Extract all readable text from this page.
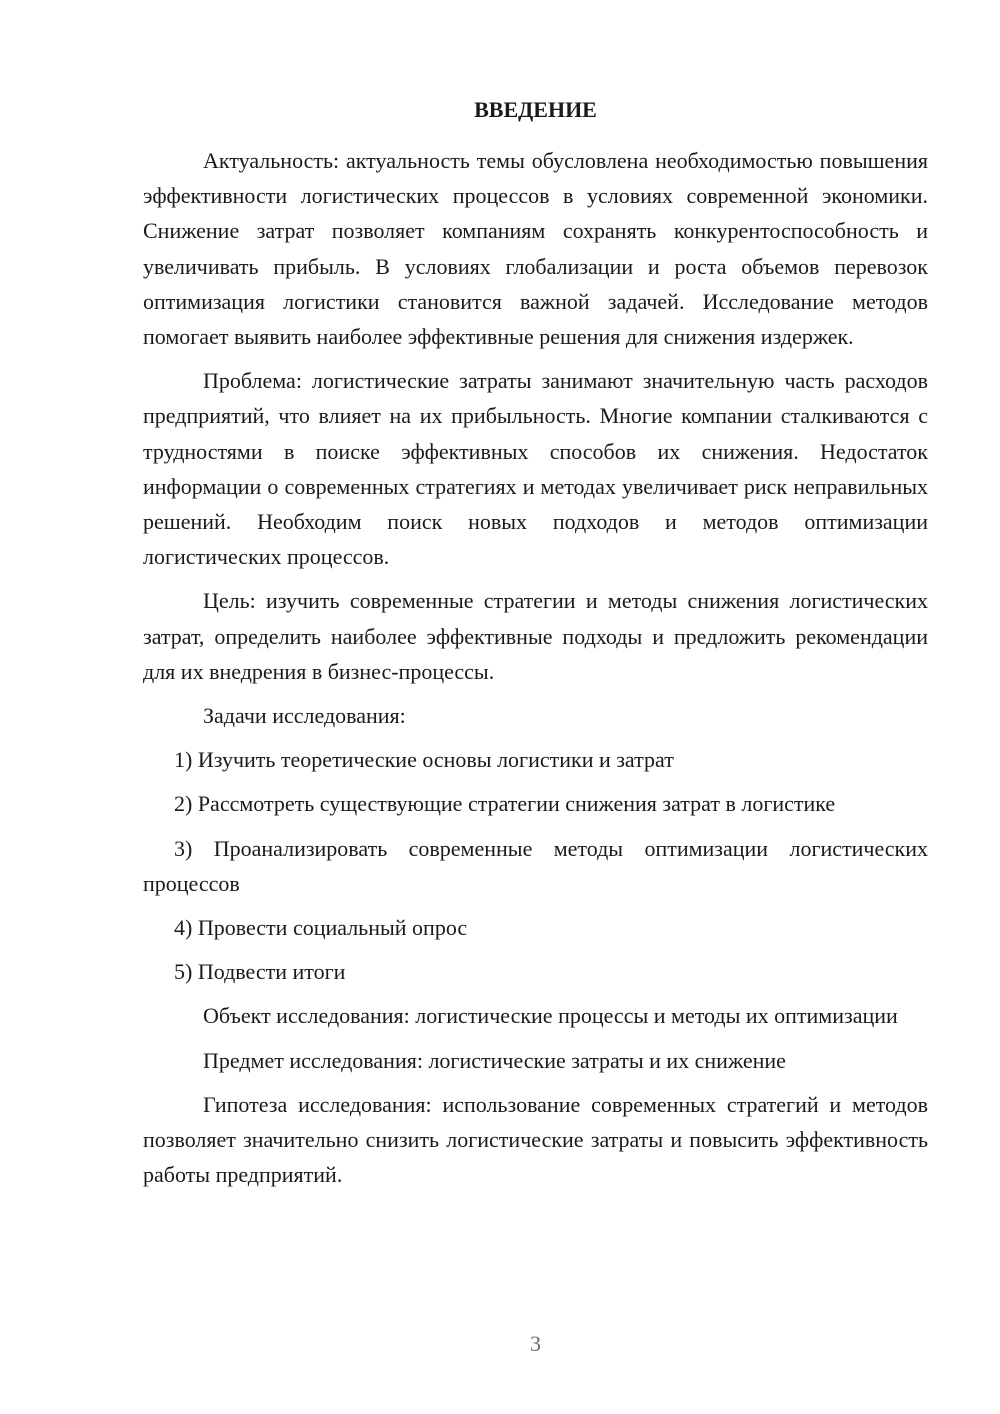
ВВЕДЕНИЕ

Актуальность: актуальность темы обусловлена необходимостью повышения эффективности логистических процессов в условиях современной экономики. Снижение затрат позволяет компаниям сохранять конкурентоспособность и увеличивать прибыль. В условиях глобализации и роста объемов перевозок оптимизация логистики становится важной задачей. Исследование методов помогает выявить наиболее эффективные решения для снижения издержек.

Проблема: логистические затраты занимают значительную часть расходов предприятий, что влияет на их прибыльность. Многие компании сталкиваются с трудностями в поиске эффективных способов их снижения. Недостаток информации о современных стратегиях и методах увеличивает риск неправильных решений. Необходим поиск новых подходов и методов оптимизации логистических процессов.

Цель: изучить современные стратегии и методы снижения логистических затрат, определить наиболее эффективные подходы и предложить рекомендации для их внедрения в бизнес-процессы.

Задачи исследования:

1) Изучить теоретические основы логистики и затрат

2) Рассмотреть существующие стратегии снижения затрат в логистике

3) Проанализировать современные методы оптимизации логистических процессов

4) Провести социальный опрос

5) Подвести итоги

Объект исследования: логистические процессы и методы их оптимизации

Предмет исследования: логистические затраты и их снижение

Гипотеза исследования: использование современных стратегий и методов позволяет значительно снизить логистические затраты и повысить эффективность работы предприятий.

3
